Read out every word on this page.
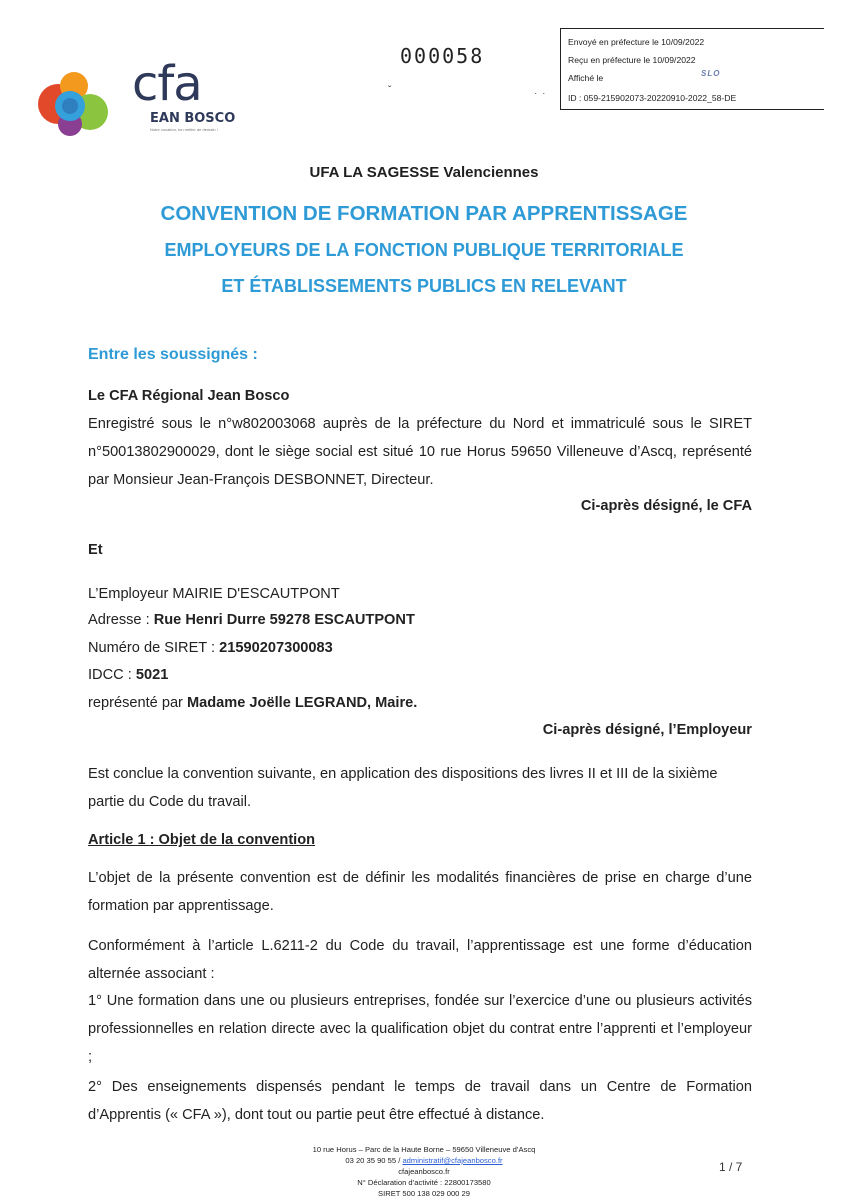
cfa
EAN BOSCO
Notre vocation, ton métier de demain !
000058
ˇ	· ·
Envoyé en préfecture le 10/09/2022
Reçu en préfecture le 10/09/2022
Affiché le	SLO
ID : 059-215902073-20220910-2022_58-DE
UFA LA SAGESSE Valenciennes
CONVENTION DE FORMATION PAR APPRENTISSAGE
EMPLOYEURS DE LA FONCTION PUBLIQUE TERRITORIALE
ET ÉTABLISSEMENTS PUBLICS EN RELEVANT
Entre les soussignés :
Le CFA Régional Jean Bosco
Enregistré sous le n°w802003068 auprès de la préfecture du Nord et immatriculé sous le SIRET n°50013802900029, dont le siège social est situé 10 rue Horus 59650 Villeneuve d’Ascq, représenté par Monsieur Jean-François DESBONNET, Directeur.
Ci-après désigné, le CFA
Et
L’Employeur MAIRIE D'ESCAUTPONT
Adresse : Rue Henri Durre 59278 ESCAUTPONT
Numéro de SIRET : 21590207300083
IDCC : 5021
représenté par Madame Joëlle LEGRAND, Maire.
Ci-après désigné, l’Employeur
Est conclue la convention suivante, en application des dispositions des livres II et III de la sixième
partie du Code du travail.
Article 1 : Objet de la convention
L’objet de la présente convention est de définir les modalités financières de prise en charge d’une formation par apprentissage.
Conformément à l’article L.6211-2 du Code du travail, l’apprentissage est une forme d’éducation alternée associant :
1° Une formation dans une ou plusieurs entreprises, fondée sur l’exercice d’une ou plusieurs activités professionnelles en relation directe avec la qualification objet du contrat entre l’apprenti et l’employeur ;
2° Des enseignements dispensés pendant le temps de travail dans un Centre de Formation d’Apprentis (« CFA »), dont tout ou partie peut être effectué à distance.
10 rue Horus – Parc de la Haute Borne – 59650 Villeneuve d’Ascq
03 20 35 90 55 / administratif@cfajeanbosco.fr
cfajeanbosco.fr
N° Déclaration d’activité : 22800173580
SIRET 500 138 029 000 29
1 / 7
